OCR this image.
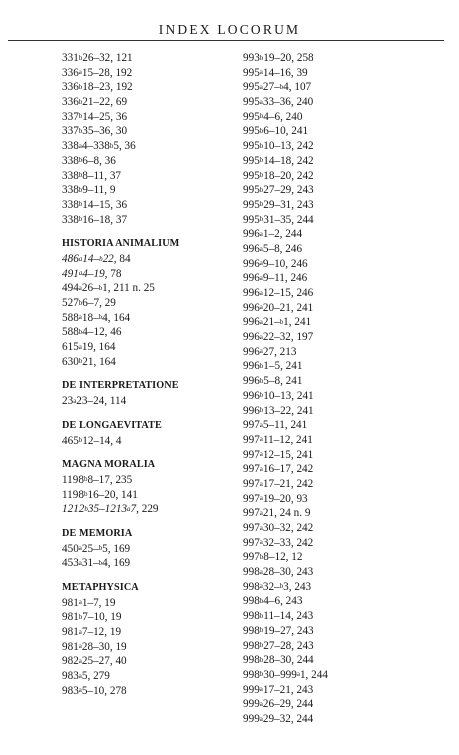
INDEX LOCORUM
331$^b$26–32, 121
336$^a$15–28, 192
336$^b$18–23, 192
336$^b$21–22, 69
337$^b$14–25, 36
337$^b$35–36, 30
338$^a$4–338$^b$5, 36
338$^b$6–8, 36
338$^b$8–11, 37
338$^b$9–11, 9
338$^b$14–15, 36
338$^b$16–18, 37
HISTORIA ANIMALIUM
486$^a$14–$^b$22, 84
491$^a$4–19, 78
494$^a$26–$^b$1, 211 n. 25
527$^b$6–7, 29
588$^a$18–$^b$4, 164
588$^b$4–12, 46
615$^a$19, 164
630$^b$21, 164
DE INTERPRETATIONE
23$^a$23–24, 114
DE LONGAEVITATE
465$^b$12–14, 4
MAGNA MORALIA
1198$^b$8–17, 235
1198$^b$16–20, 141
1212$^b$35–1213$^a$7, 229
DE MEMORIA
450$^a$25–$^b$5, 169
453$^a$31–$^b$4, 169
METAPHYSICA
981$^a$1–7, 19
981$^b$7–10, 19
981$^a$7–12, 19
981$^a$28–30, 19
982$^a$25–27, 40
983$^a$5, 279
983$^a$5–10, 278
993$^b$19–20, 258
995$^a$14–16, 39
995$^a$27–$^b$4, 107
995$^a$33–36, 240
995$^b$4–6, 240
995$^b$6–10, 241
995$^b$10–13, 242
995$^b$14–18, 242
995$^b$18–20, 242
995$^b$27–29, 243
995$^b$29–31, 243
995$^b$31–35, 244
996$^a$1–2, 244
996$^a$5–8, 246
996$^a$9–10, 246
996$^a$9–11, 246
996$^a$12–15, 246
996$^a$20–21, 241
996$^a$21–$^b$1, 241
996$^a$22–32, 197
996$^a$27, 213
996$^b$1–5, 241
996$^b$5–8, 241
996$^b$10–13, 241
996$^b$13–22, 241
997$^a$5–11, 241
997$^a$11–12, 241
997$^a$12–15, 241
997$^a$16–17, 242
997$^a$17–21, 242
997$^a$19–20, 93
997$^a$21, 24 n. 9
997$^a$30–32, 242
997$^a$32–33, 242
997$^b$8–12, 12
998$^a$28–30, 243
998$^a$32–$^b$3, 243
998$^b$4–6, 243
998$^b$11–14, 243
998$^b$19–27, 243
998$^b$27–28, 243
998$^b$28–30, 244
998$^b$30–999$^a$1, 244
999$^a$17–21, 243
999$^a$26–29, 244
999$^a$29–32, 244
